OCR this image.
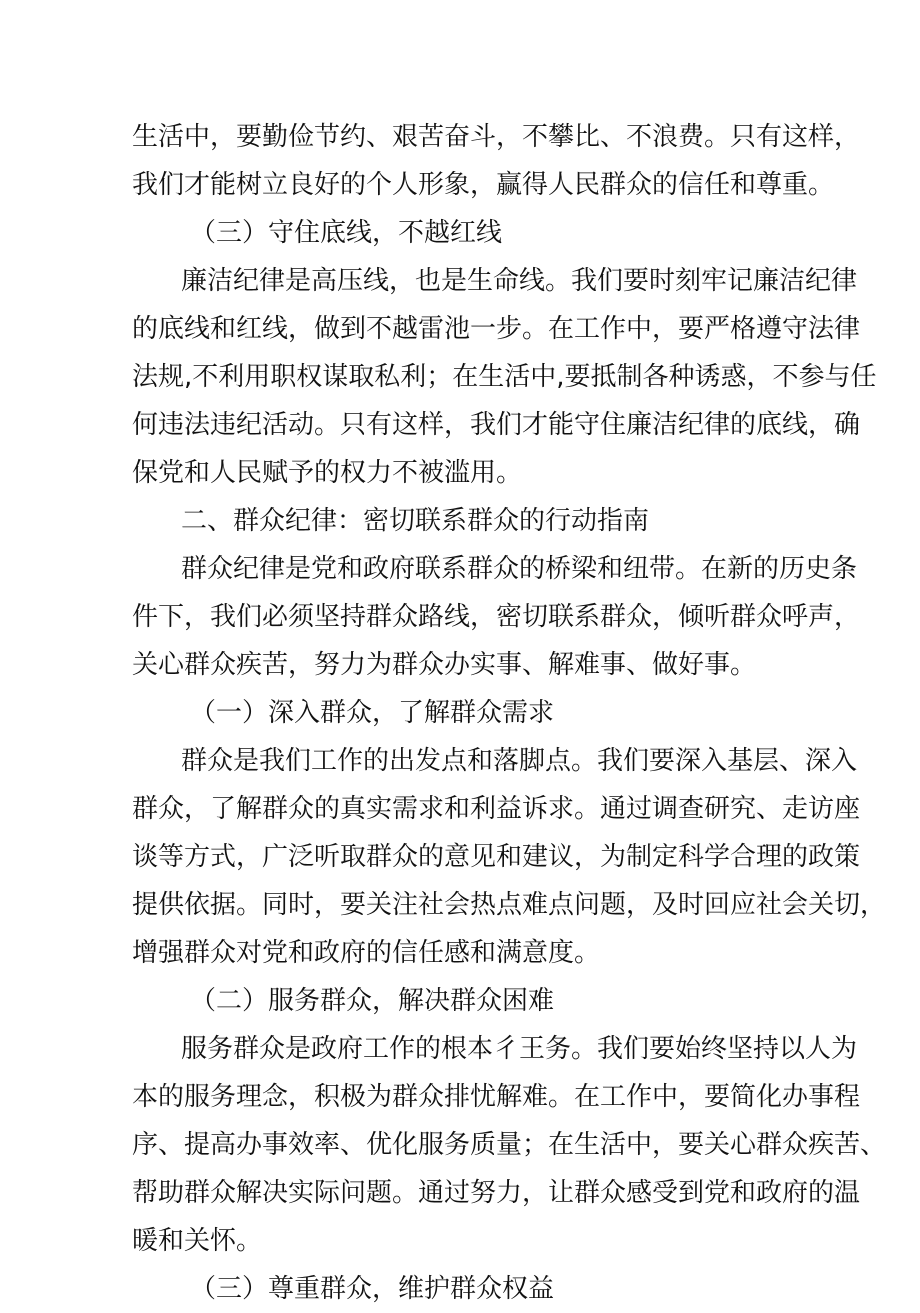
生活中，要勤俭节约、艰苦奋斗，不攀比、不浪费。只有这样，
我们才能树立良好的个人形象，赢得人民群众的信任和尊重。
（三）守住底线，不越红线
廉洁纪律是高压线，也是生命线。我们要时刻牢记廉洁纪律
的底线和红线，做到不越雷池一步。在工作中，要严格遵守法律
法规,不利用职权谋取私利；在生活中,要抵制各种诱惑，不参与任
何违法违纪活动。只有这样，我们才能守住廉洁纪律的底线，确
保党和人民赋予的权力不被滥用。
二、群众纪律：密切联系群众的行动指南
群众纪律是党和政府联系群众的桥梁和纽带。在新的历史条
件下，我们必须坚持群众路线，密切联系群众，倾听群众呼声，
关心群众疾苦，努力为群众办实事、解难事、做好事。
（一）深入群众，了解群众需求
群众是我们工作的出发点和落脚点。我们要深入基层、深入
群众，了解群众的真实需求和利益诉求。通过调查研究、走访座
谈等方式，广泛听取群众的意见和建议，为制定科学合理的政策
提供依据。同时，要关注社会热点难点问题，及时回应社会关切，
增强群众对党和政府的信任感和满意度。
（二）服务群众，解决群众困难
服务群众是政府工作的根本彳王务。我们要始终坚持以人为
本的服务理念，积极为群众排忧解难。在工作中，要简化办事程
序、提高办事效率、优化服务质量；在生活中，要关心群众疾苦、
帮助群众解决实际问题。通过努力，让群众感受到党和政府的温
暖和关怀。
（三）尊重群众，维护群众权益
